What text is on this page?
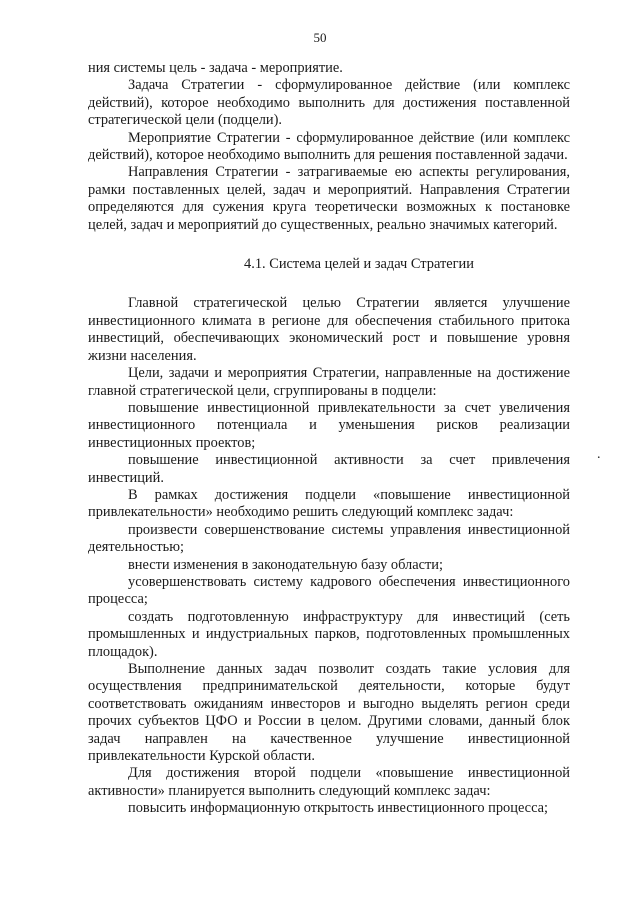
50

ния системы цель - задача - мероприятие.

Задача Стратегии - сформулированное действие (или комплекс действий), которое необходимо выполнить для достижения поставленной стратегической цели (подцели).

Мероприятие Стратегии - сформулированное действие (или комплекс действий), которое необходимо выполнить для решения поставленной задачи.

Направления Стратегии - затрагиваемые ею аспекты регулирования, рамки поставленных целей, задач и мероприятий. Направления Стратегии определяются для сужения круга теоретически возможных к постановке целей, задач и мероприятий до существенных, реально значимых категорий.

4.1. Система целей и задач Стратегии

Главной стратегической целью Стратегии является улучшение инвестиционного климата в регионе для обеспечения стабильного притока инвестиций, обеспечивающих экономический рост и повышение уровня жизни населения.

Цели, задачи и мероприятия Стратегии, направленные на достижение главной стратегической цели, сгруппированы в подцели:

повышение инвестиционной привлекательности за счет увеличения инвестиционного потенциала и уменьшения рисков реализации инвестиционных проектов;

повышение инвестиционной активности за счет привлечения инвестиций.

В рамках достижения подцели «повышение инвестиционной привлекательности» необходимо решить следующий комплекс задач:

произвести совершенствование системы управления инвестиционной деятельностью;

внести изменения в законодательную базу области;

усовершенствовать систему кадрового обеспечения инвестиционного процесса;

создать подготовленную инфраструктуру для инвестиций (сеть промышленных и индустриальных парков, подготовленных промышленных площадок).

Выполнение данных задач позволит создать такие условия для осуществления предпринимательской деятельности, которые будут соответствовать ожиданиям инвесторов и выгодно выделять регион среди прочих субъектов ЦФО и России в целом. Другими словами, данный блок задач направлен на качественное улучшение инвестиционной привлекательности Курской области.

Для достижения второй подцели «повышение инвестиционной активности» планируется выполнить следующий комплекс задач:

повысить информационную открытость инвестиционного процесса;

.
